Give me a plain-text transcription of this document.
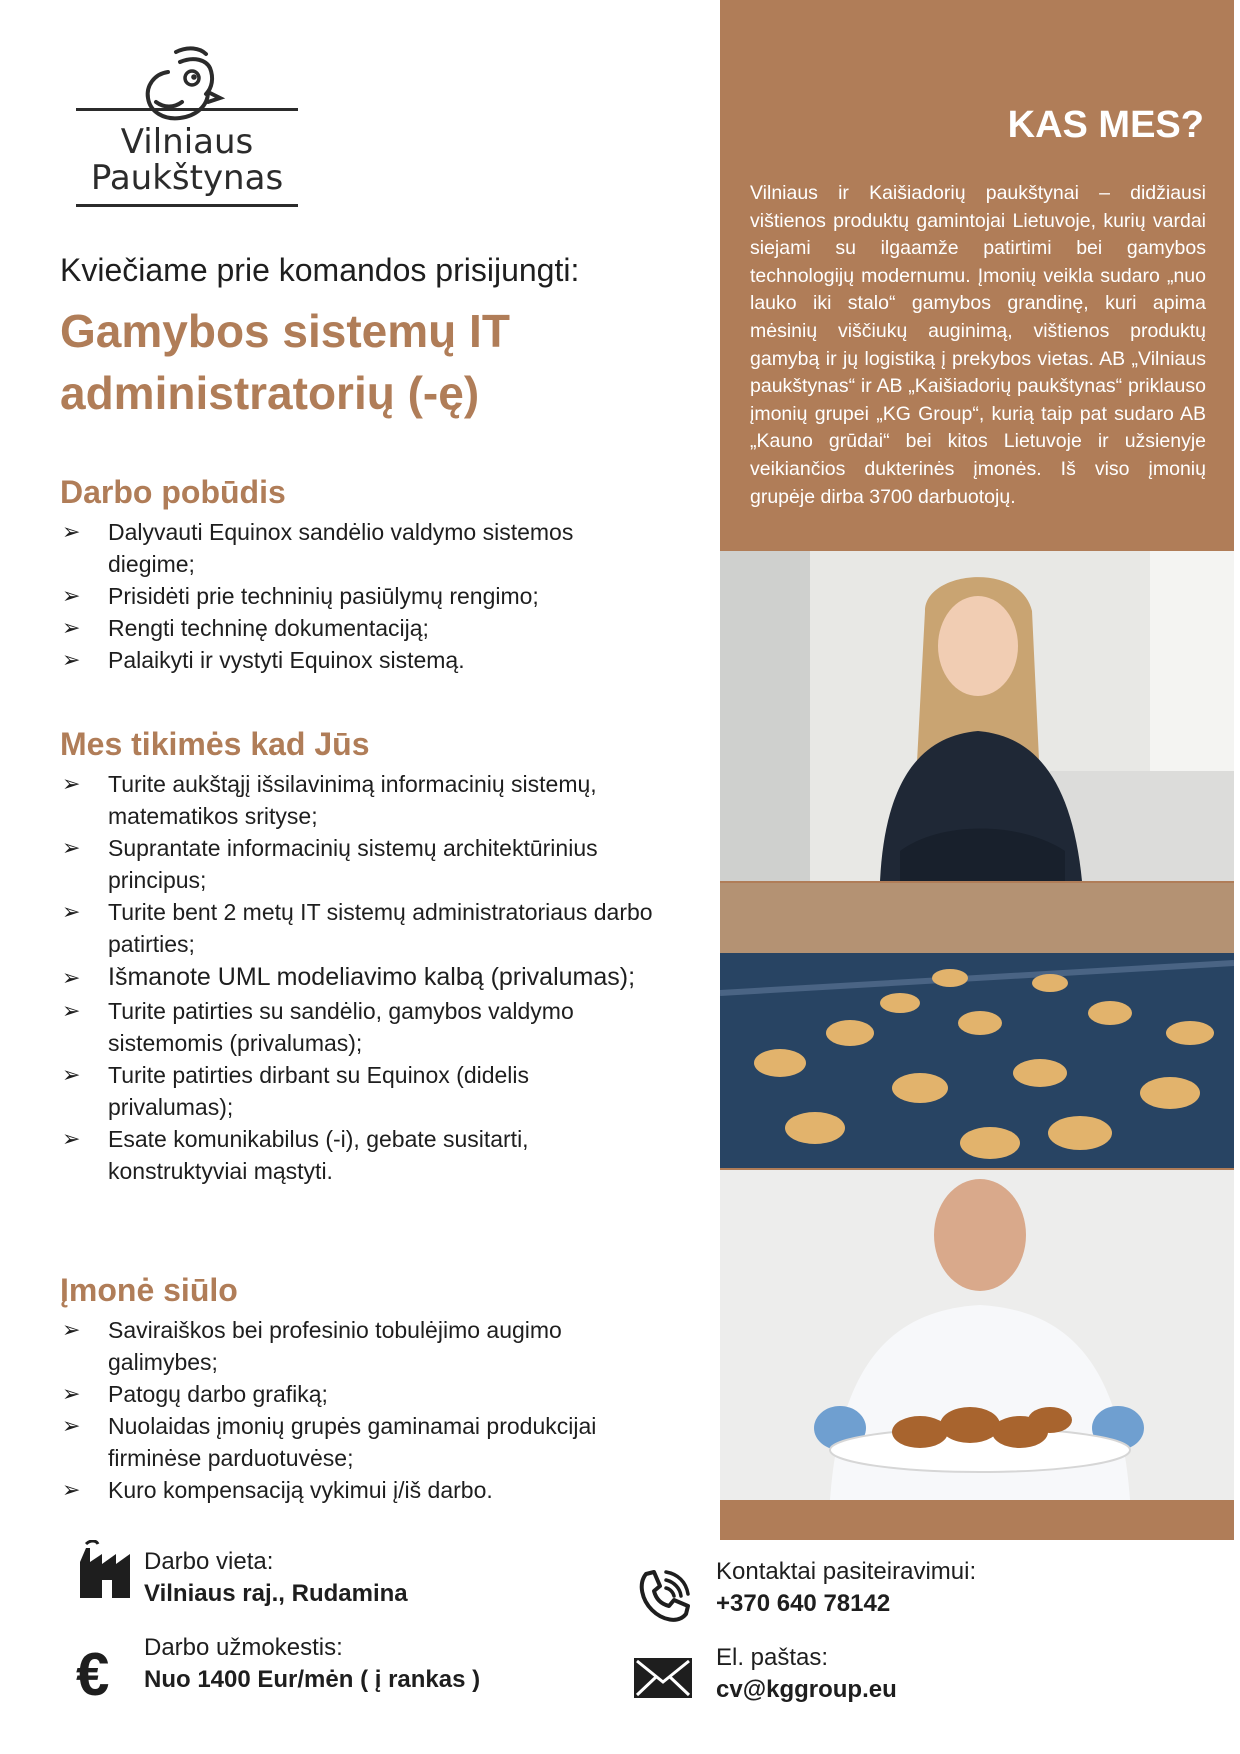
Vilniaus
Paukštynas
Kviečiame prie komandos prisijungti:
Gamybos sistemų IT
administratorių (-ę)
Darbo pobūdis
➢ Dalyvauti Equinox sandėlio valdymo sistemos diegime;
➢ Prisidėti prie techninių pasiūlymų rengimo;
➢ Rengti techninę dokumentaciją;
➢ Palaikyti ir vystyti Equinox sistemą.
Mes tikimės kad Jūs
➢ Turite aukštąjį išsilavinimą informacinių sistemų, matematikos srityse;
➢ Suprantate informacinių sistemų architektūrinius principus;
➢ Turite bent 2 metų IT sistemų administratoriaus darbo patirties;
➢ Išmanote UML modeliavimo kalbą (privalumas);
➢ Turite patirties su sandėlio, gamybos valdymo sistemomis (privalumas);
➢ Turite patirties dirbant su Equinox (didelis privalumas);
➢ Esate komunikabilus (-i), gebate susitarti, konstruktyviai mąstyti.
Įmonė siūlo
➢ Saviraiškos bei profesinio tobulėjimo augimo galimybes;
➢ Patogų darbo grafiką;
➢ Nuolaidas įmonių grupės gaminamai produkcijai firminėse parduotuvėse;
➢ Kuro kompensaciją vykimui į/iš darbo.
KAS MES?
Vilniaus ir Kaišiadorių paukštynai – didžiausi vištienos produktų gamintojai Lietuvoje, kurių vardai siejami su ilgaamže patirtimi bei gamybos technologijų modernumu. Įmonių veikla sudaro „nuo lauko iki stalo“ gamybos grandinę, kuri apima mėsinių viščiukų auginimą, vištienos produktų gamybą ir jų logistiką į prekybos vietas. AB „Vilniaus paukštynas“ ir AB „Kaišiadorių paukštynas“ priklauso įmonių grupei „KG Group“, kurią taip pat sudaro AB „Kauno grūdai“ bei kitos Lietuvoje ir užsienyje veikiančios dukterinės įmonės. Iš viso įmonių grupėje dirba 3700 darbuotojų.
Darbo vieta:
Vilniaus raj., Rudamina
€	Darbo užmokestis:
Nuo 1400 Eur/mėn ( į rankas )
Kontaktai pasiteiravimui:
+370 640 78142
El. paštas:
cv@kggroup.eu
